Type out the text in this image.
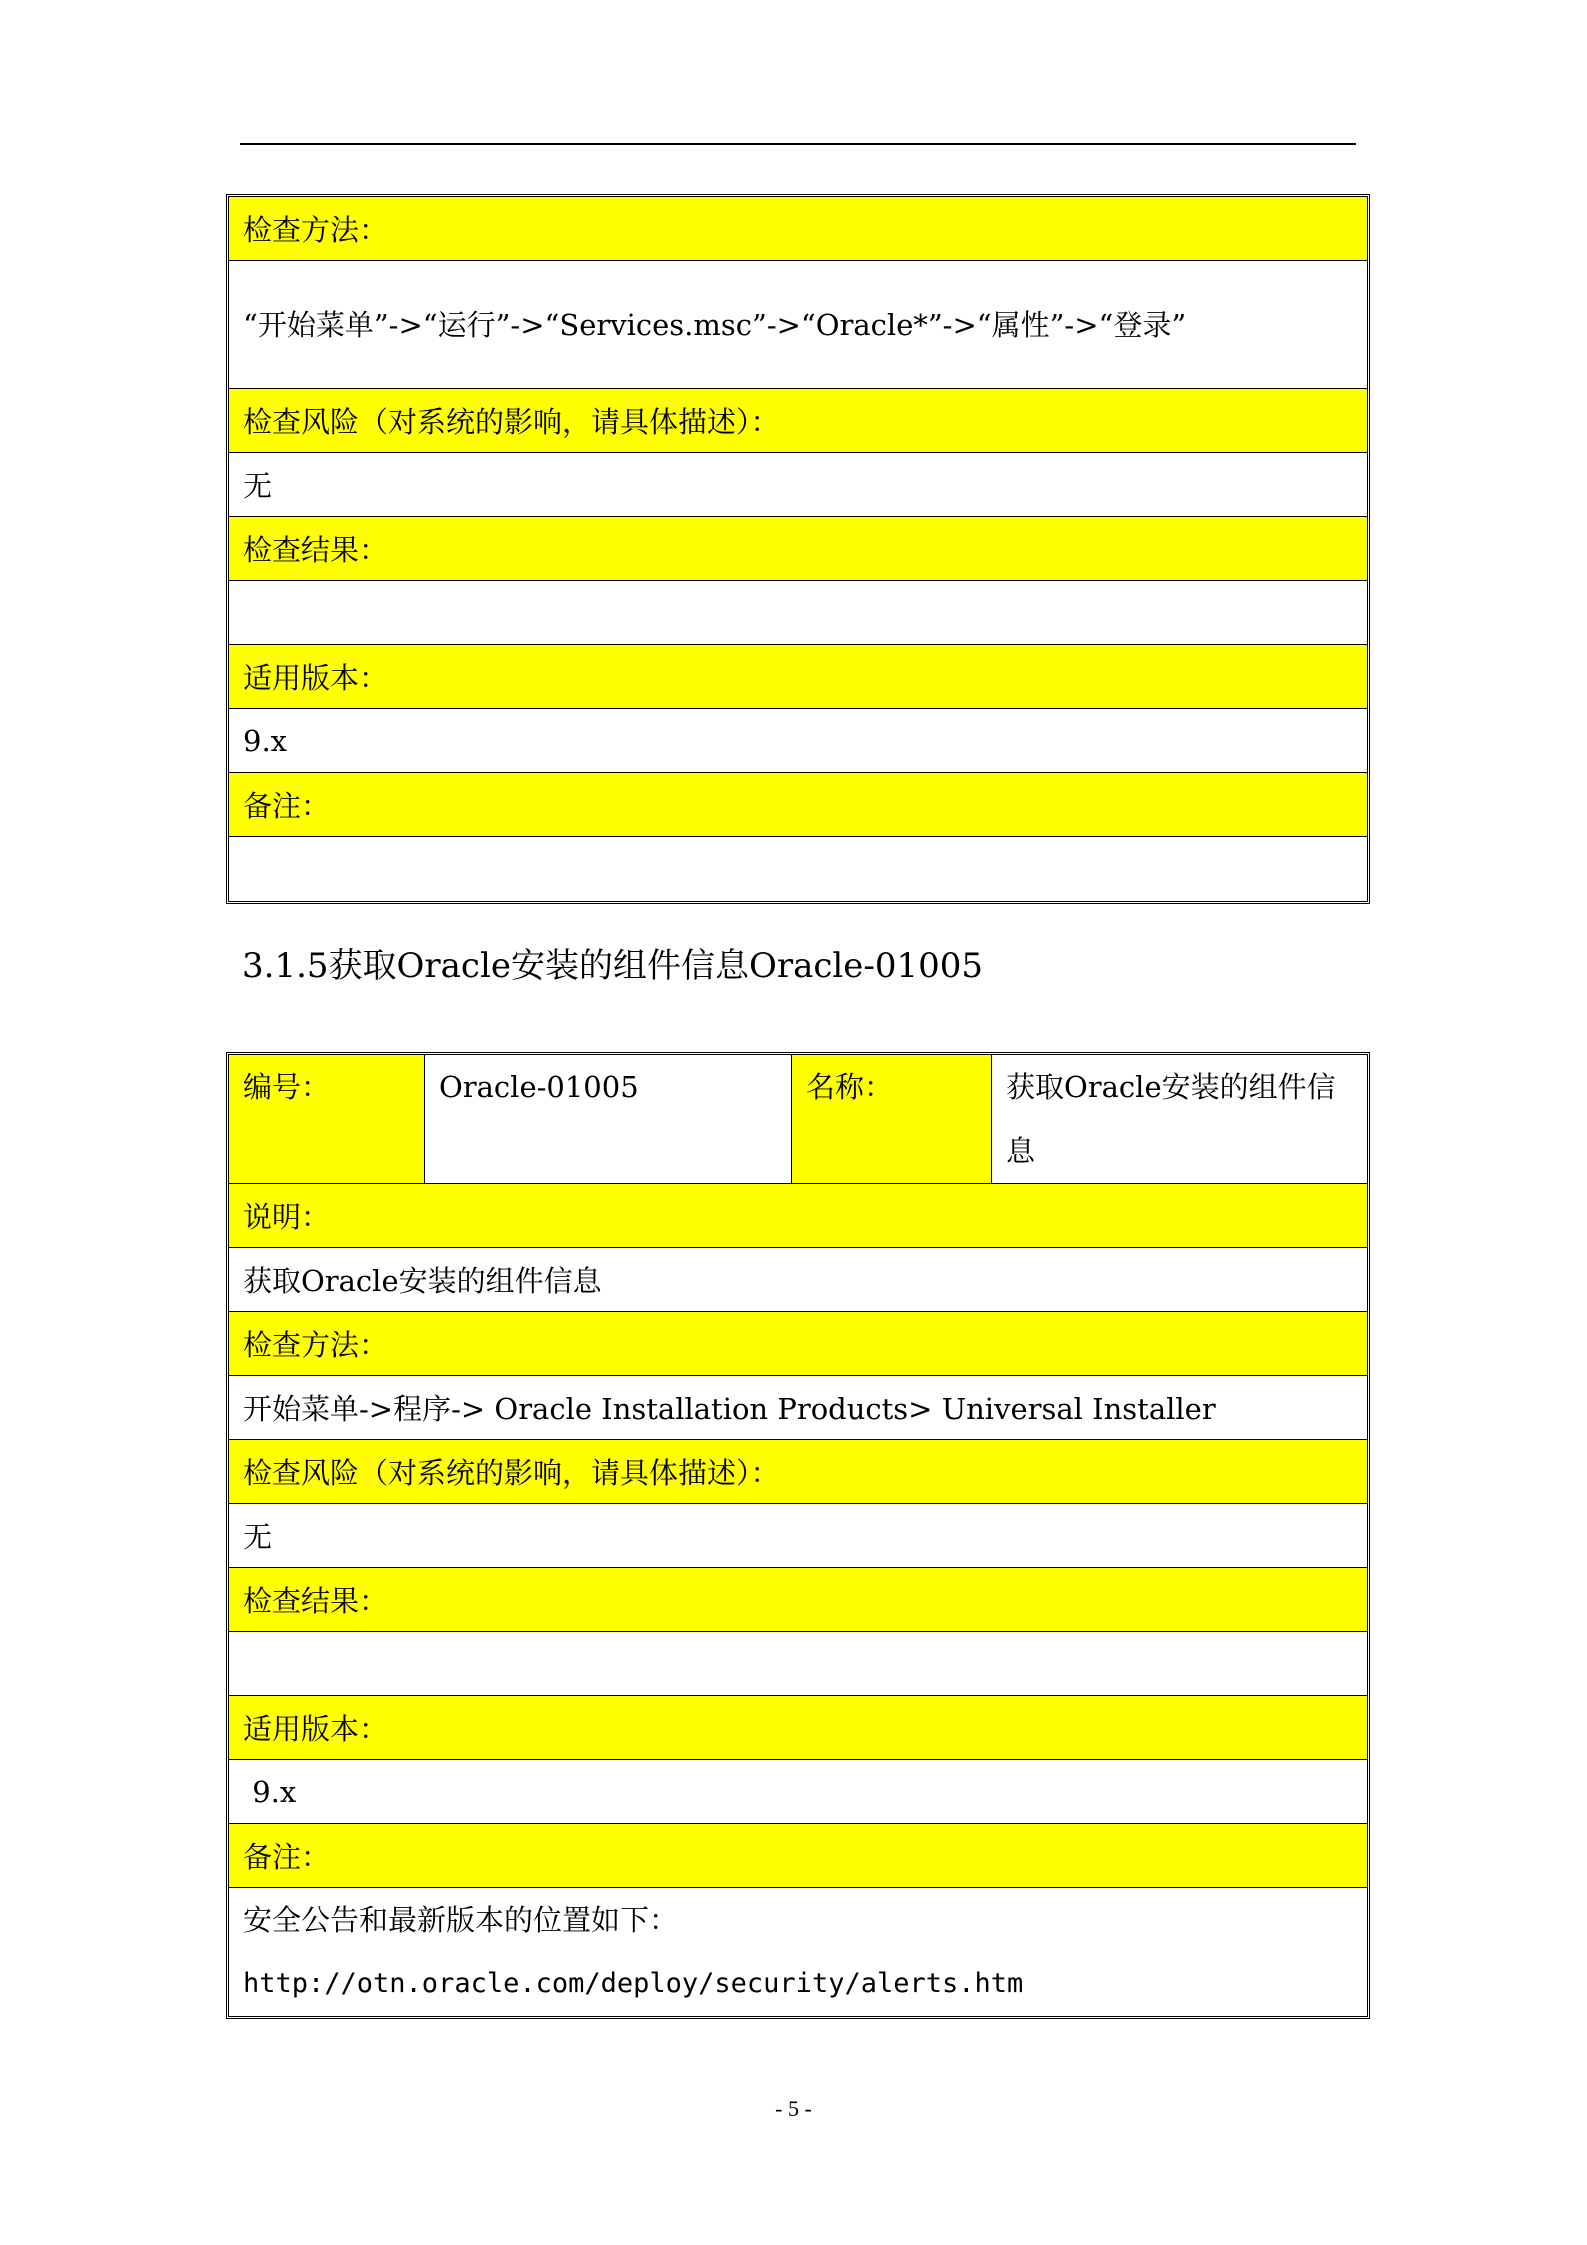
检查方法：
“开始菜单”->“运行”->“Services.msc”->“Oracle*”->“属性”->“登录”
检查风险（对系统的影响，请具体描述）：
无
检查结果：
适用版本：
9.x
备注：
3.1.5获取Oracle安装的组件信息Oracle-01005
编号：	Oracle-01005	名称：	获取Oracle安装的组件信息
说明：
获取Oracle安装的组件信息
检查方法：
开始菜单->程序-> Oracle Installation Products> Universal Installer
检查风险（对系统的影响，请具体描述）：
无
检查结果：
适用版本：
9.x
备注：
安全公告和最新版本的位置如下：
http://otn.oracle.com/deploy/security/alerts.htm
- 5 -
